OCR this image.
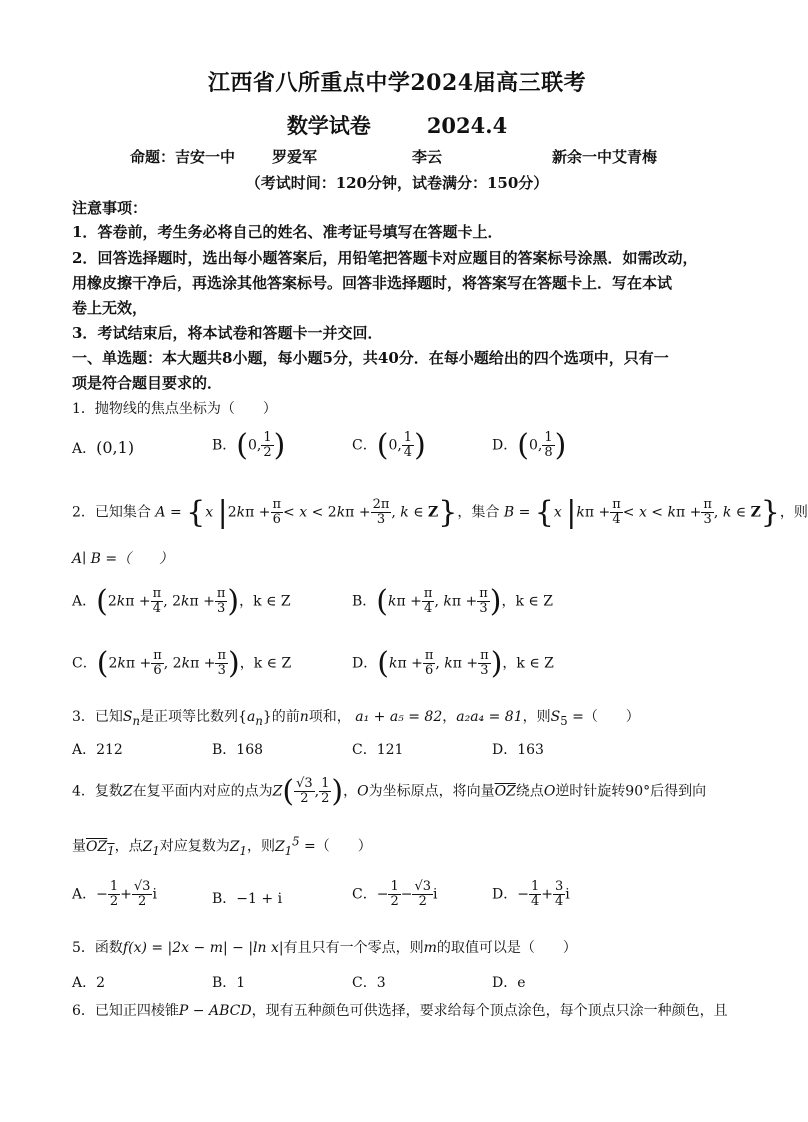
江西省八所重点中学2024届高三联考
数学试卷	2024.4
命题：吉安一中 罗爱军	李云	新余一中艾青梅
（考试时间：120分钟，试卷满分：150分）
注意事项：
1．答卷前，考生务必将自己的姓名、准考证号填写在答题卡上．
2．回答选择题时，选出每小题答案后，用铅笔把答题卡对应题目的答案标号涂黑．如需改动，
用橡皮擦干净后，再选涂其他答案标号。回答非选择题时，将答案写在答题卡上．写在本试
卷上无效，
3．考试结束后，将本试卷和答题卡一并交回．
一、单选题：本大题共8小题，每小题5分，共40分．在每小题给出的四个选项中，只有一
项是符合题目要求的．
1．抛物线的焦点坐标为（　　）
A．(0,1)	B．(0, $\frac{1}{2}$ )	C．(0, $\frac{1}{4}$ )	D．(0, $\frac{1}{8}$ )
2．已知集合 A = {x $|2k\pi + \frac{\pi}{6} < x < 2k\pi + \frac{2\pi}{3}$ , k ∈ Z}，集合 B = {x $|k\pi + \frac{\pi}{4} < x < k\pi + \frac{\pi}{3}$ , k ∈ Z}，则
A∣ B =（　　）
A．($2k\pi + \frac{\pi}{4}$ , $2k\pi + \frac{\pi}{3}$ )，k ∈ Z	B．($k\pi + \frac{\pi}{4}$ , $k\pi + \frac{\pi}{3}$ )，k ∈ Z
C．($2k\pi + \frac{\pi}{6}$ , $2k\pi + \frac{\pi}{3}$ )，k ∈ Z	D．($k\pi + \frac{\pi}{6}$ , $k\pi + \frac{\pi}{3}$ )，k ∈ Z
3．已知$S_n$是正项等比数列$\{a_n\}$的前n项和， a₁ + a₅ = 82，a₂a₄ = 81，则$S_5$ =（　　）
A．212	B．168	C．121	D．163
4．复数Z在复平面内对应的点为$Z( \frac{√3}{2}$ , $\frac{1}{2}$ )，O为坐标原点，将向量$\overline{OZ}$绕点O逆时针旋转90°后得到向
量$OZ_1$，点$Z_1$对应复数为$Z_1$，则$Z_1^5$ =（　　）
A．− $\frac{1}{2} + \frac{√3}{2}$ i	B．−1 + i	C．− $\frac{1}{2} - \frac{√3}{2}$ i	D．− $\frac{1}{4} + \frac{3}{4}$ i
5．函数f(x) = |2x − m| − |ln x|有且只有一个零点，则m的取值可以是（　　）
A．2	B．1	C．3	D．e
6．已知正四棱锥P − ABCD，现有五种颜色可供选择，要求给每个顶点涂色，每个顶点只涂一种颜色，且
